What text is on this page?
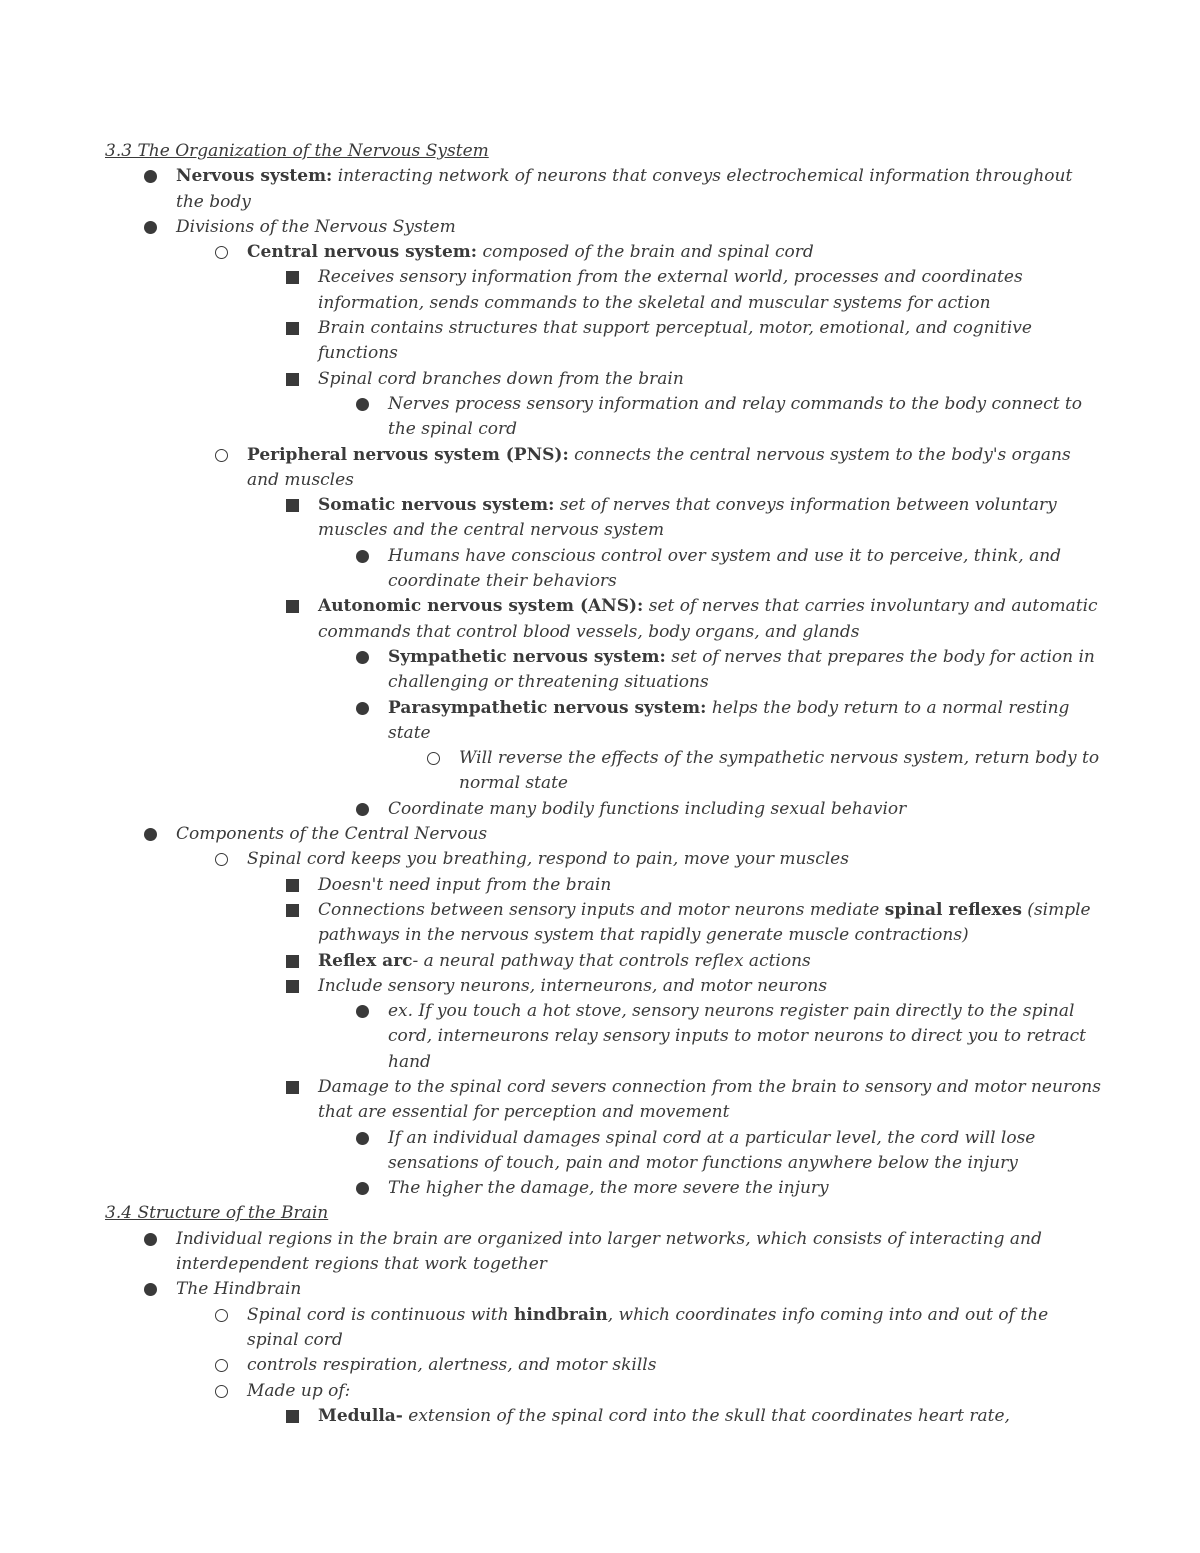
3.3 The Organization of the Nervous System
Nervous system: interacting network of neurons that conveys electrochemical information throughout the body
Divisions of the Nervous System
Central nervous system: composed of the brain and spinal cord
Receives sensory information from the external world, processes and coordinates information, sends commands to the skeletal and muscular systems for action
Brain contains structures that support perceptual, motor, emotional, and cognitive functions
Spinal cord branches down from the brain
Nerves process sensory information and relay commands to the body connect to the spinal cord
Peripheral nervous system (PNS): connects the central nervous system to the body's organs and muscles
Somatic nervous system: set of nerves that conveys information between voluntary muscles and the central nervous system
Humans have conscious control over system and use it to perceive, think, and coordinate their behaviors
Autonomic nervous system (ANS): set of nerves that carries involuntary and automatic commands that control blood vessels, body organs, and glands
Sympathetic nervous system: set of nerves that prepares the body for action in challenging or threatening situations
Parasympathetic nervous system: helps the body return to a normal resting state
Will reverse the effects of the sympathetic nervous system, return body to normal state
Coordinate many bodily functions including sexual behavior
Components of the Central Nervous
Spinal cord keeps you breathing, respond to pain, move your muscles
Doesn't need input from the brain
Connections between sensory inputs and motor neurons mediate spinal reflexes (simple pathways in the nervous system that rapidly generate muscle contractions)
Reflex arc- a neural pathway that controls reflex actions
Include sensory neurons, interneurons, and motor neurons
ex. If you touch a hot stove, sensory neurons register pain directly to the spinal cord, interneurons relay sensory inputs to motor neurons to direct you to retract hand
Damage to the spinal cord severs connection from the brain to sensory and motor neurons that are essential for perception and movement
If an individual damages spinal cord at a particular level, the cord will lose sensations of touch, pain and motor functions anywhere below the injury
The higher the damage, the more severe the injury
3.4 Structure of the Brain
Individual regions in the brain are organized into larger networks, which consists of interacting and interdependent regions that work together
The Hindbrain
Spinal cord is continuous with hindbrain, which coordinates info coming into and out of the spinal cord
controls respiration, alertness, and motor skills
Made up of:
Medulla- extension of the spinal cord into the skull that coordinates heart rate,
